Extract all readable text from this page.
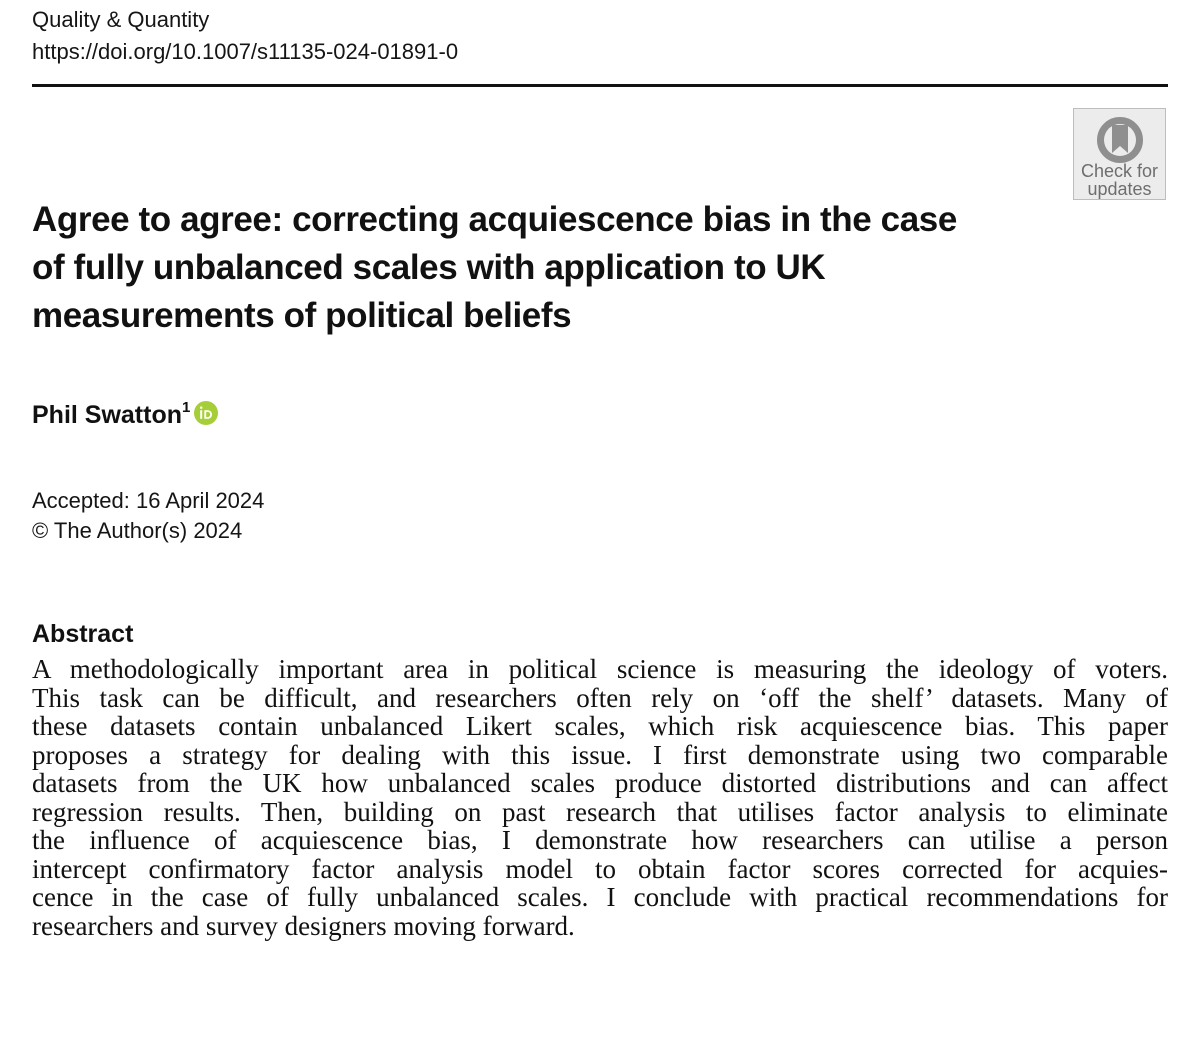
Quality & Quantity
https://doi.org/10.1007/s11135-024-01891-0
Check for
updates
Agree to agree: correcting acquiescence bias in the case
of fully unbalanced scales with application to UK
measurements of political beliefs
Phil Swatton$^1$
Accepted: 16 April 2024
© The Author(s) 2024
Abstract
A methodologically important area in political science is measuring the ideology of voters.
This task can be difficult, and researchers often rely on ‘off the shelf’ datasets. Many of
these datasets contain unbalanced Likert scales, which risk acquiescence bias. This paper
proposes a strategy for dealing with this issue. I first demonstrate using two comparable
datasets from the UK how unbalanced scales produce distorted distributions and can affect
regression results. Then, building on past research that utilises factor analysis to eliminate
the influence of acquiescence bias, I demonstrate how researchers can utilise a person
intercept confirmatory factor analysis model to obtain factor scores corrected for acquies-
cence in the case of fully unbalanced scales. I conclude with practical recommendations for
researchers and survey designers moving forward.
